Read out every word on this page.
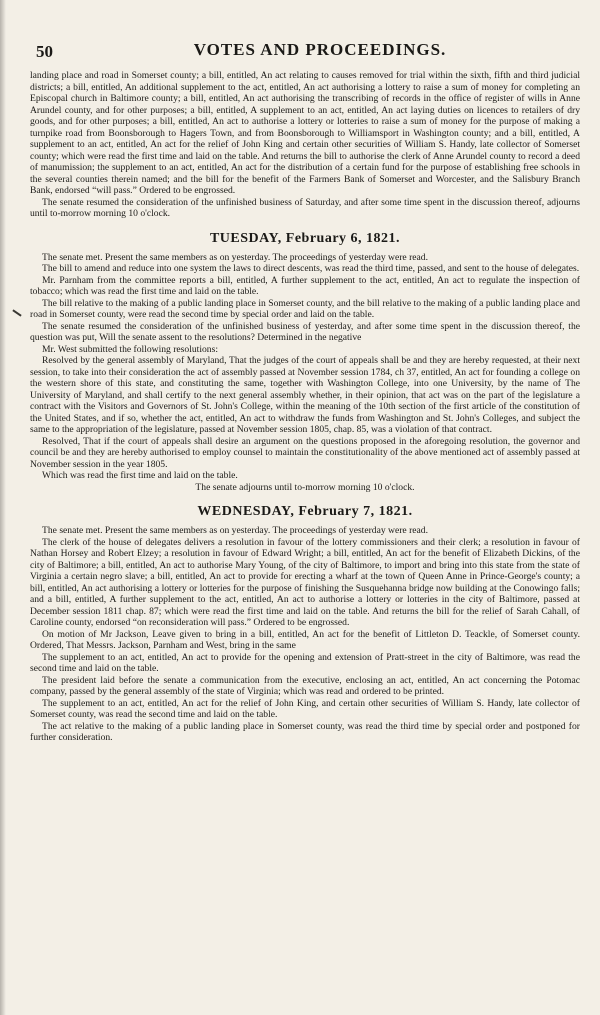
50	VOTES AND PROCEEDINGS.

landing place and road in Somerset county; a bill, entitled, An act relating to causes removed for trial within the sixth, fifth and third judicial districts; a bill, entitled, An additional supplement to the act, entitled, An act authorising a lottery to raise a sum of money for completing an Episcopal church in Baltimore county; a bill, entitled, An act authorising the transcribing of records in the office of register of wills in Anne Arundel county, and for other purposes; a bill, entitled, A supplement to an act, entitled, An act laying duties on licences to retailers of dry goods, and for other purposes; a bill, entitled, An act to authorise a lottery or lotteries to raise a sum of money for the purpose of making a turnpike road from Boonsborough to Hagers Town, and from Boonsborough to Williamsport in Washington county; and a bill, entitled, A supplement to an act, entitled, An act for the relief of John King and certain other securities of William S. Handy, late collector of Somerset county; which were read the first time and laid on the table. And returns the bill to authorise the clerk of Anne Arundel county to record a deed of manumission; the supplement to an act, entitled, An act for the distribution of a certain fund for the purpose of establishing free schools in the several counties therein named; and the bill for the benefit of the Farmers Bank of Somerset and Worcester, and the Salisbury Branch Bank, endorsed “will pass.” Ordered to be engrossed.

The senate resumed the consideration of the unfinished business of Saturday, and after some time spent in the discussion thereof, adjourns until to-morrow morning 10 o'clock.

TUESDAY, February 6, 1821.

The senate met. Present the same members as on yesterday. The proceedings of yesterday were read.

The bill to amend and reduce into one system the laws to direct descents, was read the third time, passed, and sent to the house of delegates.

Mr. Parnham from the committee reports a bill, entitled, A further supplement to the act, entitled, An act to regulate the inspection of tobacco; which was read the first time and laid on the table.

The bill relative to the making of a public landing place in Somerset county, and the bill relative to the making of a public landing place and road in Somerset county, were read the second time by special order and laid on the table.

The senate resumed the consideration of the unfinished business of yesterday, and after some time spent in the discussion thereof, the question was put, Will the senate assent to the resolutions? Determined in the negative

Mr. West submitted the following resolutions:

Resolved by the general assembly of Maryland, That the judges of the court of appeals shall be and they are hereby requested, at their next session, to take into their consideration the act of assembly passed at November session 1784, ch 37, entitled, An act for founding a college on the western shore of this state, and constituting the same, together with Washington College, into one University, by the name of The University of Maryland, and shall certify to the next general assembly whether, in their opinion, that act was on the part of the legislature a contract with the Visitors and Governors of St. John's College, within the meaning of the 10th section of the first article of the constitution of the United States, and if so, whether the act, entitled, An act to withdraw the funds from Washington and St. John's Colleges, and subject the same to the appropriation of the legislature, passed at November session 1805, chap. 85, was a violation of that contract.

Resolved, That if the court of appeals shall desire an argument on the questions proposed in the aforegoing resolution, the governor and council be and they are hereby authorised to employ counsel to maintain the constitutionality of the above mentioned act of assembly passed at November session in the year 1805.

Which was read the first time and laid on the table.

The senate adjourns until to-morrow morning 10 o'clock.

WEDNESDAY, February 7, 1821.

The senate met. Present the same members as on yesterday. The proceedings of yesterday were read.

The clerk of the house of delegates delivers a resolution in favour of the lottery commissioners and their clerk; a resolution in favour of Nathan Horsey and Robert Elzey; a resolution in favour of Edward Wright; a bill, entitled, An act for the benefit of Elizabeth Dickins, of the city of Baltimore; a bill, entitled, An act to authorise Mary Young, of the city of Baltimore, to import and bring into this state from the state of Virginia a certain negro slave; a bill, entitled, An act to provide for erecting a wharf at the town of Queen Anne in Prince-George's county; a bill, entitled, An act authorising a lottery or lotteries for the purpose of finishing the Susquehanna bridge now building at the Conowingo falls; and a bill, entitled, A further supplement to the act, entitled, An act to authorise a lottery or lotteries in the city of Baltimore, passed at December session 1811 chap. 87; which were read the first time and laid on the table. And returns the bill for the relief of Sarah Cahall, of Caroline county, endorsed “on reconsideration will pass.” Ordered to be engrossed.

On motion of Mr Jackson, Leave given to bring in a bill, entitled, An act for the benefit of Littleton D. Teackle, of Somerset county. Ordered, That Messrs. Jackson, Parnham and West, bring in the same

The supplement to an act, entitled, An act to provide for the opening and extension of Pratt-street in the city of Baltimore, was read the second time and laid on the table.

The president laid before the senate a communication from the executive, enclosing an act, entitled, An act concerning the Potomac company, passed by the general assembly of the state of Virginia; which was read and ordered to be printed.

The supplement to an act, entitled, An act for the relief of John King, and certain other securities of William S. Handy, late collector of Somerset county, was read the second time and laid on the table.

The act relative to the making of a public landing place in Somerset county, was read the third time by special order and postponed for further consideration.
